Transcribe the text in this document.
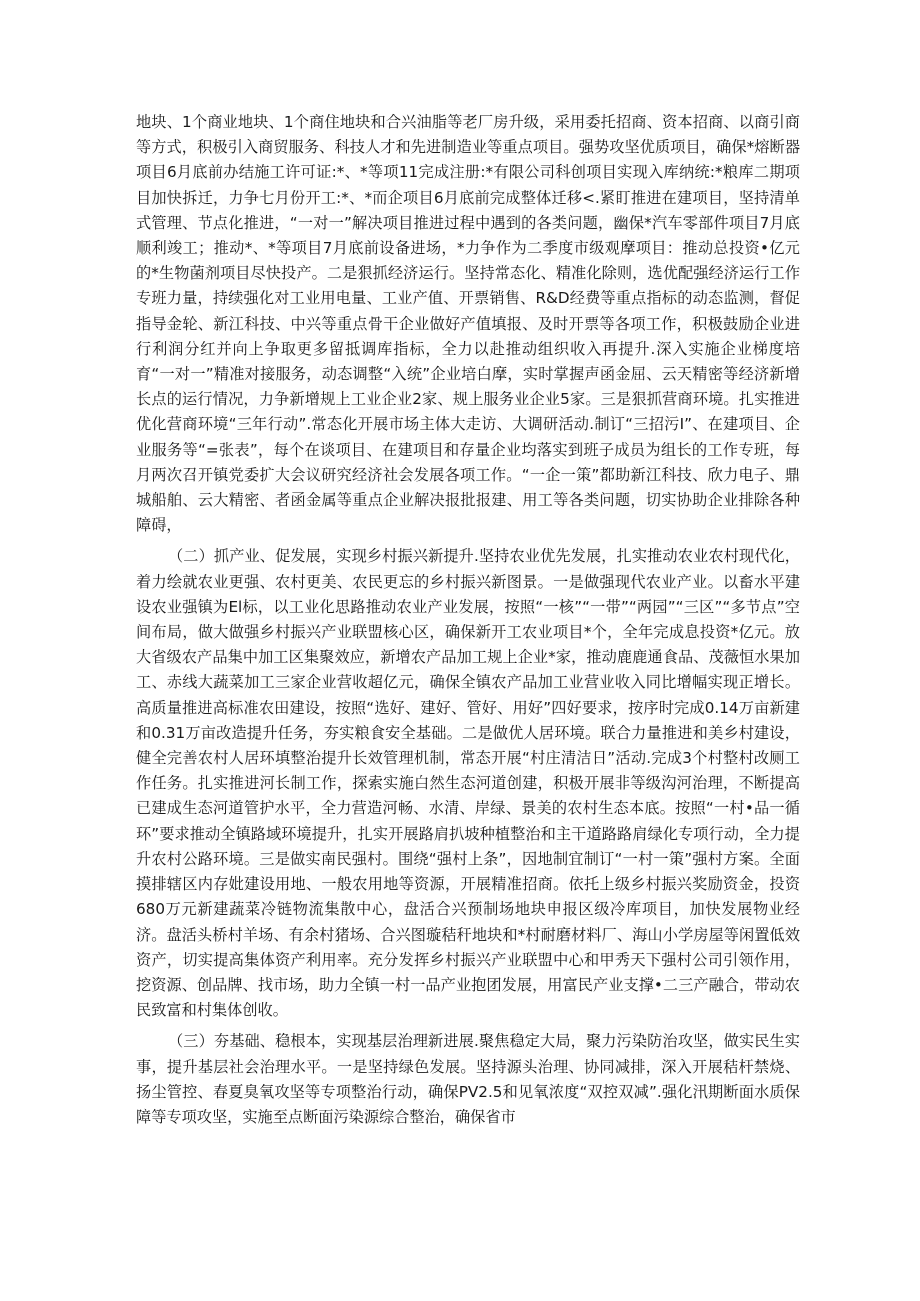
地块、1个商业地块、1个商住地块和合兴油脂等老厂房升级，采用委托招商、资本招商、以商引商等方式，积极引入商贸服务、科技人才和先进制造业等重点项目。强势攻坚优质项目，确保*熔断器项目6月底前办结施工许可证:*、*等项11完成注册:*有限公司科创项目实现入库纳统:*粮库二期项目加快拆迁，力争七月份开工:*、*而企项目6月底前完成整体迁移<.紧盯推进在建项目，坚持清单式管理、节点化推进，“一对一”解决项目推进过程中遇到的各类问题，幽保*汽车零部件项目7月底顺利竣工；推动*、*等项目7月底前设备进场，*力争作为二季度市级观摩项目：推动总投资•亿元的*生物菌剂项目尽快投产。二是狠抓经济运行。坚持常态化、精准化除则，选优配强经济运行工作专班力量，持续强化对工业用电量、工业产值、开票销售、R&D经费等重点指标的动态监测，督促指导金轮、新江科技、中兴等重点骨干企业做好产值填报、及时开票等各项工作，积极鼓励企业进行利润分红并向上争取更多留抵调库指标，全力以赴推动组织收入再提升.深入实施企业梯度培育“一对一”精准对接服务，动态调整“入统”企业培白摩，实时掌握声函金屈、云天精密等经济新增长点的运行情况，力争新增规上工业企业2家、规上服务业企业5家。三是狠抓营商环境。扎实推进优化营商环境“三年行动”.常态化开展市场主体大走访、大调研活动.制订“三招污I”、在建项目、企业服务等“=张表”，每个在谈项目、在建项目和存量企业均落实到班子成员为组长的工作专班，每月两次召开镇党委扩大会议研究经济社会发展各项工作。“一企一策”都助新江科技、欣力电子、鼎城船舶、云大精密、者函金属等重点企业解决报批报建、用工等各类问题，切实协助企业排除各种障碍，

（二）抓产业、促发展，实现乡村振兴新提升.坚持农业优先发展，扎实推动农业农村现代化，着力绘就农业更强、农村更美、农民更忘的乡村振兴新图景。一是做强现代农业产业。以畜水平建设农业强镇为El标，以工业化思路推动农业产业发展，按照“一核”“一带”“两园”“三区”“多节点”空间布局，做大做强乡村振兴产业联盟核心区，确保新开工农业项目*个，全年完成息投资*亿元。放大省级农产品集中加工区集聚效应，新增农产品加工规上企业*家，推动鹿鹿通食品、茂薇恒水果加工、赤线大蔬菜加工三家企业营收超亿元，确保全镇农产品加工业营业收入同比增幅实现正增长。高质量推进高标准农田建设，按照“选好、建好、管好、用好”四好要求，按序时完成0.14万亩新建和0.31万亩改造提升任务，夯实粮食安全基础。二是做优人居环境。联合力量推进和美乡村建设，健全完善农村人居环填整治提升长效管理机制，常态开展“村庄清洁日”活动.完成3个村整村改厕工作任务。扎实推进河长制工作，探索实施白然生态河道创建，积极开展非等级沟河治理，不断提高已建成生态河道管护水平，全力营造河畅、水清、岸绿、景美的农村生态本底。按照“一村•品一循环”要求推动全镇路域环境提升，扎实开展路肩扒坡种植整治和主干道路路肩绿化专项行动，全力提升农村公路环境。三是做实南民强村。围绕“强村上条”，因地制宜制订“一村一策”强村方案。全面摸排辖区内存妣建设用地、一般农用地等资源，开展精准招商。依托上级乡村振兴奖励资金，投资680万元新建蔬菜冷链物流集散中心，盘活合兴预制场地块申报区级冷库项目，加快发展物业经济。盘活头桥村羊场、有余村猪场、合兴图璇秸秆地块和*村耐磨材料厂、海山小学房屋等闲置低效资产，切实提高集体资产利用率。充分发挥乡村振兴产业联盟中心和甲秀天下强村公司引领作用，挖资源、创品牌、找市场，助力全镇一村一品产业抱团发展，用富民产业支撑•二三产融合，带动农民致富和村集体创收。

（三）夯基础、稳根本，实现基层治理新进展.聚焦稳定大局，聚力污染防治攻坚，做实民生实事，提升基层社会治理水平。一是坚持绿色发展。坚持源头治理、协同减排，深入开展秸杆禁烧、扬尘管控、春夏臭氧攻坚等专项整治行动，确保PV2.5和见氧浓度“双控双减”.强化汛期断面水质保障等专项攻坚，实施至点断面污染源综合整治，确保省市
